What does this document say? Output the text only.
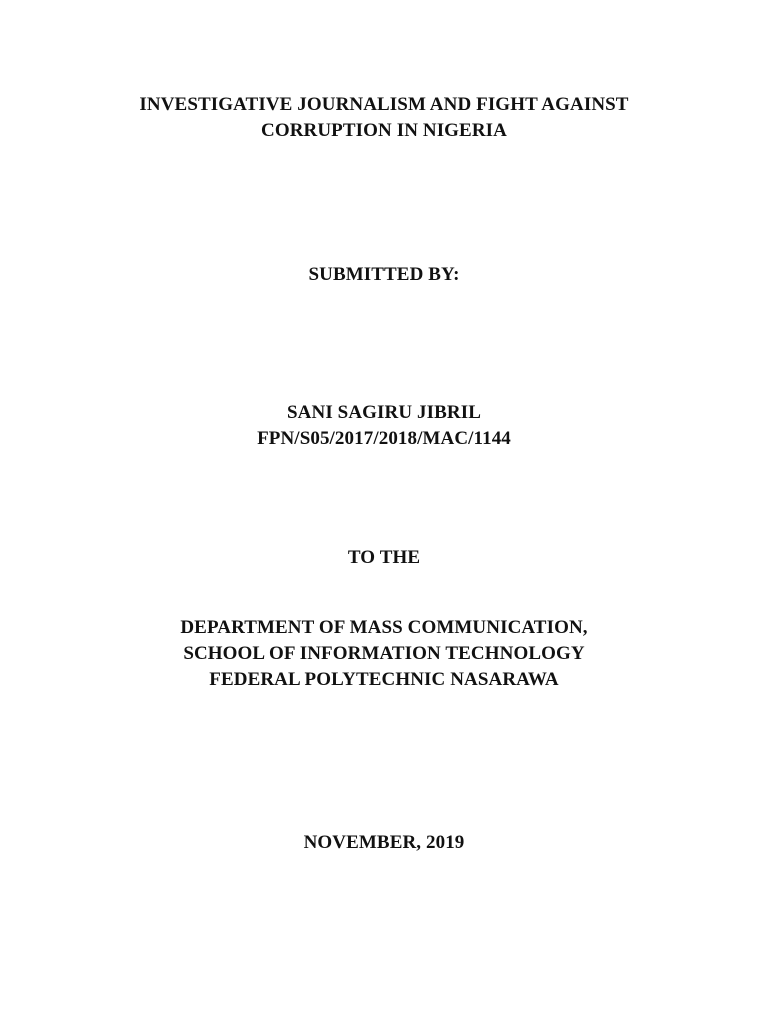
INVESTIGATIVE JOURNALISM AND FIGHT AGAINST
CORRUPTION IN NIGERIA
SUBMITTED BY:
SANI SAGIRU JIBRIL
FPN/S05/2017/2018/MAC/1144
TO THE
DEPARTMENT OF MASS COMMUNICATION,
SCHOOL OF INFORMATION TECHNOLOGY
FEDERAL POLYTECHNIC NASARAWA
NOVEMBER, 2019
